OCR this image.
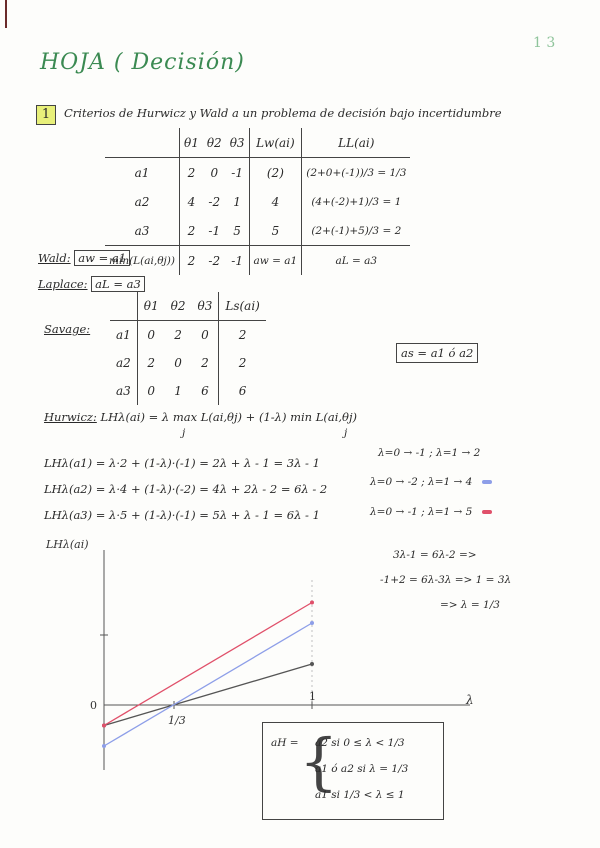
HOJA ( Decisión)
1 3
1	Criterios de Hurwicz y Wald a un problema de decisión bajo incertidumbre
	θ1	θ2	θ3	Lw(ai)	LL(ai)
a1	2	0	-1	(2)	(2+0+(-1))/3 = 1/3
a2	4	-2	1	4	(4+(-2)+1)/3 = 1
a3	2	-1	5	5	(2+(-1)+5)/3 = 2
min(L(ai,θj))	2	-2	-1	aw = a1	aL = a3
Wald: aw = a1
Laplace: aL = a3
Savage:
	θ1	θ2	θ3	Ls(ai)
a1	0	2	0	2
a2	2	0	2	2
a3	0	1	6	6
as = a1 ó a2
Hurwicz: LHλ(ai) = λ max L(ai,θj) + (1-λ) min L(ai,θj)
j	j
LHλ(a1) = λ·2 + (1-λ)·(-1) = 2λ + λ - 1 = 3λ - 1
λ=0 → -1 ; λ=1 → 2
LHλ(a2) = λ·4 + (1-λ)·(-2) = 4λ + 2λ - 2 = 6λ - 2	λ=0 → -2 ; λ=1 → 4
LHλ(a3) = λ·5 + (1-λ)·(-1) = 5λ + λ - 1 = 6λ - 1	λ=0 → -1 ; λ=1 → 5
3λ-1 = 6λ-2 =>
-1+2 = 6λ-3λ => 1 = 3λ
=> λ = 1/3
LHλ(ai)
λ
0
1/3
1
aH = {
a2 si 0 ≤ λ < 1/3
a1 ó a2 si λ = 1/3
a1 si 1/3 < λ ≤ 1
